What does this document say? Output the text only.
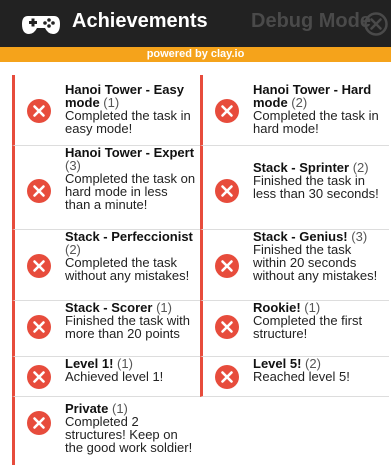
Achievements Debug Mode
powered by clay.io
Hanoi Tower - Easy mode (1)
Completed the task in easy mode!
Hanoi Tower - Hard mode (2)
Completed the task in hard mode!
Hanoi Tower - Expert (3)
Completed the task on hard mode in less than a minute!
Stack - Sprinter (2)
Finished the task in less than 30 seconds!
Stack - Perfeccionist (2)
Completed the task without any mistakes!
Stack - Genius! (3)
Finished the task within 20 seconds without any mistakes!
Stack - Scorer (1)
Finished the task with more than 20 points
Rookie! (1)
Completed the first structure!
Level 1! (1)
Achieved level 1!
Level 5! (2)
Reached level 5!
Private (1)
Completed 2 structures! Keep on the good work soldier!
